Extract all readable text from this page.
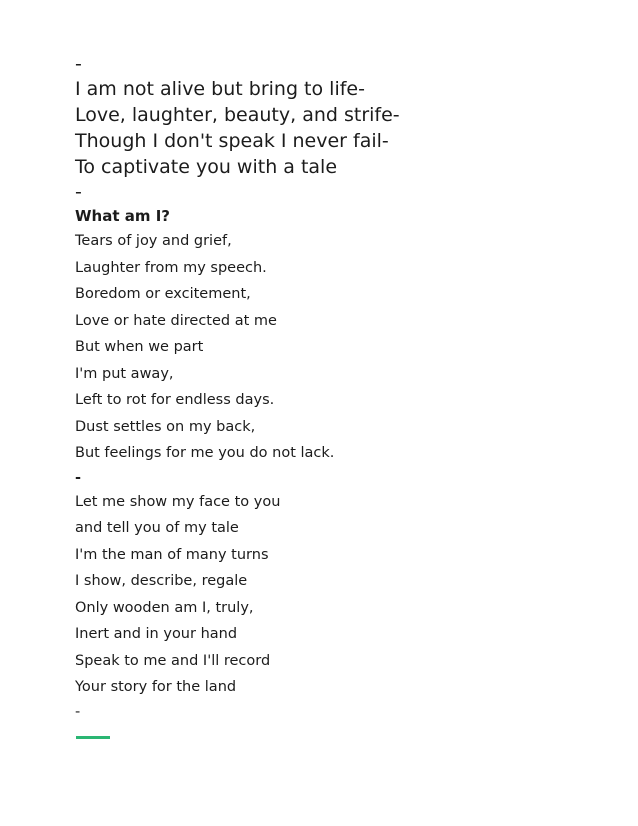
-

I am not alive but bring to life-

Love, laughter, beauty, and strife-

Though I don't speak I never fail-

To captivate you with a tale

-

What am I?

Tears of joy and grief,

Laughter from my speech.

Boredom or excitement,

Love or hate directed at me

But when we part

I'm put away,

Left to rot for endless days.

Dust settles on my back,

But feelings for me you do not lack.

-

Let me show my face to you

and tell you of my tale

I'm the man of many turns

I show, describe, regale

Only wooden am I, truly,

Inert and in your hand

Speak to me and I'll record

Your story for the land

-
